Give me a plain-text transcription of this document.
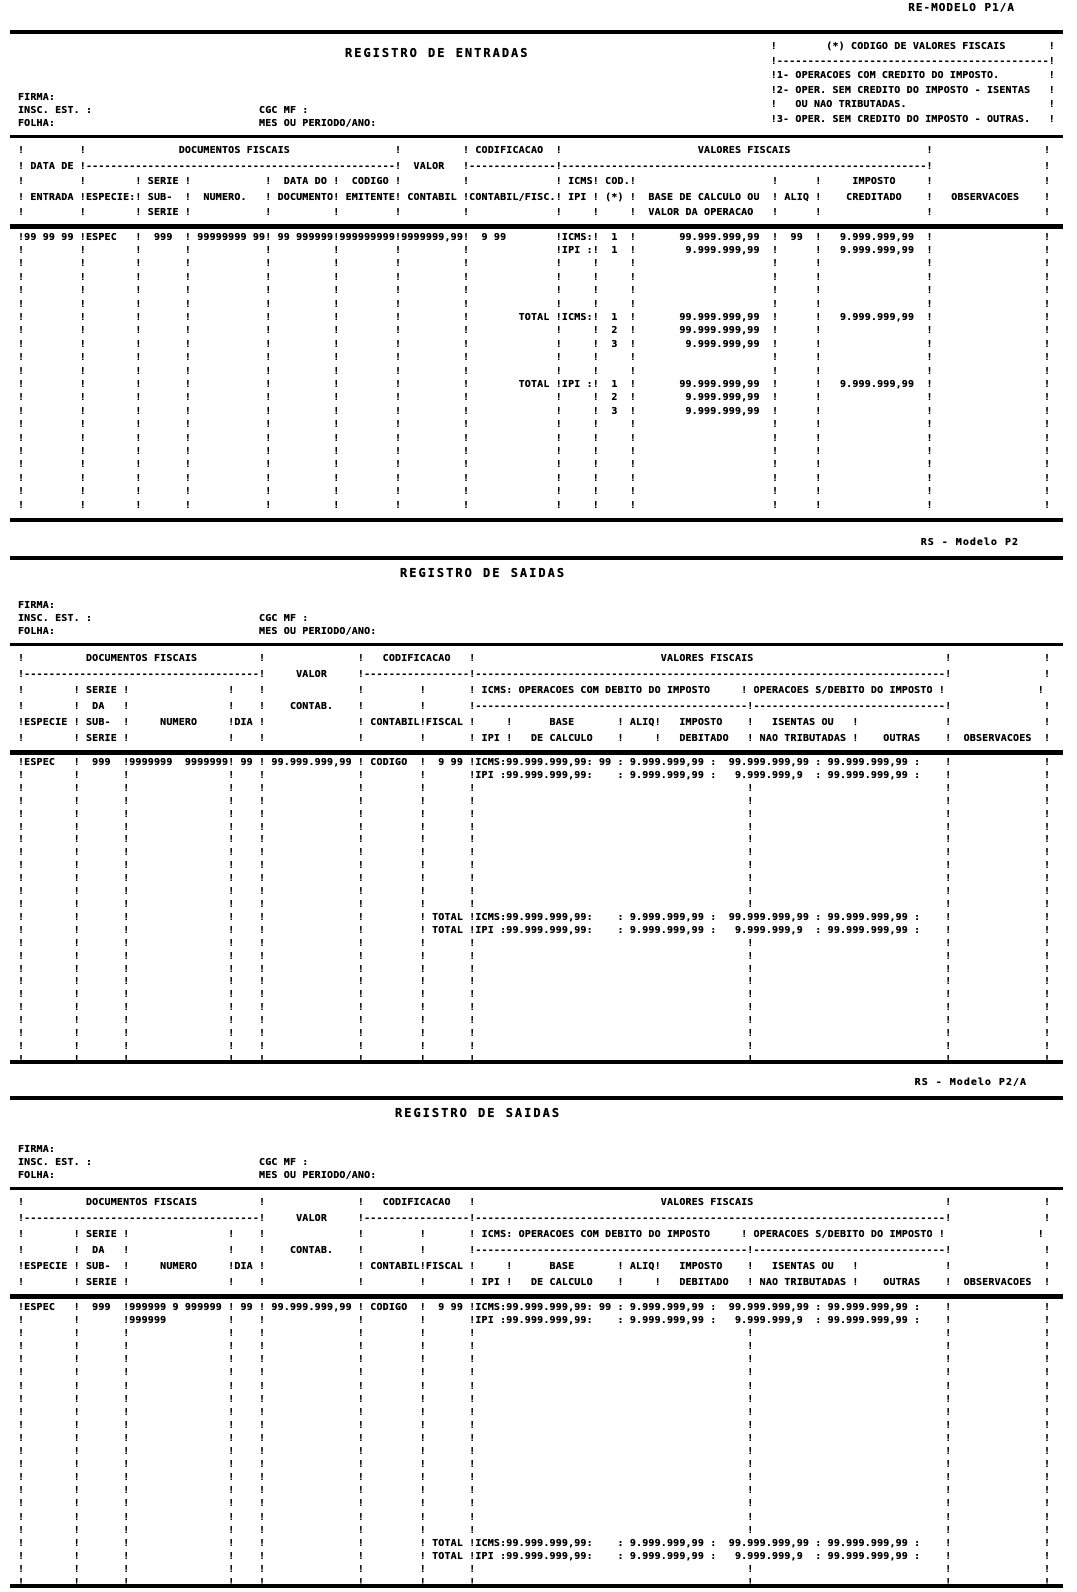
RE-MODELO P1/A
REGISTRO DE ENTRADAS
FIRMA:
INSC. EST. :                           CGC MF :
FOLHA:                                 MES OU PERIODO/ANO:
!        (*) CODIGO DE VALORES FISCAIS       !
!--------------------------------------------!
!1- OPERACOES COM CREDITO DO IMPOSTO.        !
!2- OPER. SEM CREDITO DO IMPOSTO - ISENTAS   !
!   OU NAO TRIBUTADAS.                       !
!3- OPER. SEM CREDITO DO IMPOSTO - OUTRAS.   !
!         !               DOCUMENTOS FISCAIS                 !          ! CODIFICACAO  !                      VALORES FISCAIS                      !                  !
! DATA DE !--------------------------------------------------!  VALOR   !--------------!-----------------------------------------------------------!                  !
!         !        ! SERIE !            !  DATA DO !  CODIGO !          !              ! ICMS! COD.!                      !      !     IMPOSTO     !                  !
! ENTRADA !ESPECIE:! SUB-  !  NUMERO.   ! DOCUMENTO! EMITENTE! CONTABIL !CONTABIL/FISC.! IPI ! (*) !  BASE DE CALCULO OU  ! ALIQ !    CREDITADO    !   OBSERVACOES    !
!         !        ! SERIE !            !          !         !          !              !     !     !  VALOR DA OPERACAO   !      !                 !                  !
!99 99 99 !ESPEC   !  999  ! 99999999 99! 99 999999!999999999!9999999,99!  9 99        !ICMS:!  1  !       99.999.999,99  !  99  !   9.999.999,99  !                  !
!         !        !       !            !          !         !          !              !IPI :!  1  !        9.999.999,99  !      !   9.999.999,99  !                  !
!         !        !       !            !          !         !          !              !     !     !                      !      !                 !                  !
!         !        !       !            !          !         !          !              !     !     !                      !      !                 !                  !
!         !        !       !            !          !         !          !              !     !     !                      !      !                 !                  !
!         !        !       !            !          !         !          !              !     !     !                      !      !                 !                  !
!         !        !       !            !          !         !          !        TOTAL !ICMS:!  1  !       99.999.999,99  !      !   9.999.999,99  !                  !
!         !        !       !            !          !         !          !              !     !  2  !       99.999.999,99  !      !                 !                  !
!         !        !       !            !          !         !          !              !     !  3  !        9.999.999,99  !      !                 !                  !
!         !        !       !            !          !         !          !              !     !     !                      !      !                 !                  !
!         !        !       !            !          !         !          !              !     !     !                      !      !                 !                  !
!         !        !       !            !          !         !          !        TOTAL !IPI :!  1  !       99.999.999,99  !      !   9.999.999,99  !                  !
!         !        !       !            !          !         !          !              !     !  2  !        9.999.999,99  !      !                 !                  !
!         !        !       !            !          !         !          !              !     !  3  !        9.999.999,99  !      !                 !                  !
!         !        !       !            !          !         !          !              !     !     !                      !      !                 !                  !
!         !        !       !            !          !         !          !              !     !     !                      !      !                 !                  !
!         !        !       !            !          !         !          !              !     !     !                      !      !                 !                  !
!         !        !       !            !          !         !          !              !     !     !                      !      !                 !                  !
!         !        !       !            !          !         !          !              !     !     !                      !      !                 !                  !
!         !        !       !            !          !         !          !              !     !     !                      !      !                 !                  !
!         !        !       !            !          !         !          !              !     !     !                      !      !                 !                  !
RS - Modelo P2
REGISTRO DE SAIDAS
FIRMA:
INSC. EST. :                           CGC MF :
FOLHA:                                 MES OU PERIODO/ANO:
!          DOCUMENTOS FISCAIS          !               !   CODIFICACAO   !                              VALORES FISCAIS                               !               !
!--------------------------------------!     VALOR     !-----------------!----------------------------------------------------------------------------!               !
!        ! SERIE !                !    !               !         !       ! ICMS: OPERACOES COM DEBITO DO IMPOSTO     ! OPERACOES S/DEBITO DO IMPOSTO !               !
!        !  DA   !                !    !    CONTAB.    !         !       !--------------------------------------------!-------------------------------!               !
!ESPECIE ! SUB-  !     NUMERO     !DIA !               ! CONTABIL!FISCAL !     !      BASE       ! ALIQ!   IMPOSTO    !   ISENTAS OU   !              !               !
!        ! SERIE !                !    !               !         !       ! IPI !   DE CALCULO    !     !   DEBITADO   ! NAO TRIBUTADAS !    OUTRAS    !  OBSERVACOES  !
!ESPEC   !  999  !9999999  9999999! 99 ! 99.999.999,99 ! CODIGO  !  9 99 !ICMS:99.999.999,99: 99 : 9.999.999,99 :  99.999.999,99 : 99.999.999,99 :    !               !
!        !       !                !    !               !         !       !IPI :99.999.999,99:    : 9.999.999,99 :   9.999.999,9  : 99.999.999,99 :    !               !
!        !       !                !    !               !         !       !                                            !                               !               !
!        !       !                !    !               !         !       !                                            !                               !               !
!        !       !                !    !               !         !       !                                            !                               !               !
!        !       !                !    !               !         !       !                                            !                               !               !
!        !       !                !    !               !         !       !                                            !                               !               !
!        !       !                !    !               !         !       !                                            !                               !               !
!        !       !                !    !               !         !       !                                            !                               !               !
!        !       !                !    !               !         !       !                                            !                               !               !
!        !       !                !    !               !         !       !                                            !                               !               !
!        !       !                !    !               !         !       !                                            !                               !               !
!        !       !                !    !               !         ! TOTAL !ICMS:99.999.999,99:    : 9.999.999,99 :  99.999.999,99 : 99.999.999,99 :    !               !
!        !       !                !    !               !         ! TOTAL !IPI :99.999.999,99:    : 9.999.999,99 :   9.999.999,9  : 99.999.999,99 :    !               !
!        !       !                !    !               !         !       !                                            !                               !               !
!        !       !                !    !               !         !       !                                            !                               !               !
!        !       !                !    !               !         !       !                                            !                               !               !
!        !       !                !    !               !         !       !                                            !                               !               !
!        !       !                !    !               !         !       !                                            !                               !               !
!        !       !                !    !               !         !       !                                            !                               !               !
!        !       !                !    !               !         !       !                                            !                               !               !
!        !       !                !    !               !         !       !                                            !                               !               !
!        !       !                !    !               !         !       !                                            !                               !               !
!        !       !                !    !               !         !       !                                            !                               !               !
RS - Modelo P2/A
REGISTRO DE SAIDAS
FIRMA:
INSC. EST. :                           CGC MF :
FOLHA:                                 MES OU PERIODO/ANO:
!          DOCUMENTOS FISCAIS          !               !   CODIFICACAO   !                              VALORES FISCAIS                               !               !
!--------------------------------------!     VALOR     !-----------------!----------------------------------------------------------------------------!               !
!        ! SERIE !                !    !               !         !       ! ICMS: OPERACOES COM DEBITO DO IMPOSTO     ! OPERACOES S/DEBITO DO IMPOSTO !               !
!        !  DA   !                !    !    CONTAB.    !         !       !--------------------------------------------!-------------------------------!               !
!ESPECIE ! SUB-  !     NUMERO     !DIA !               ! CONTABIL!FISCAL !     !      BASE       ! ALIQ!   IMPOSTO    !   ISENTAS OU   !              !               !
!        ! SERIE !                !    !               !         !       ! IPI !   DE CALCULO    !     !   DEBITADO   ! NAO TRIBUTADAS !    OUTRAS    !  OBSERVACOES  !
!ESPEC   !  999  !999999 9 999999 ! 99 ! 99.999.999,99 ! CODIGO  !  9 99 !ICMS:99.999.999,99: 99 : 9.999.999,99 :  99.999.999,99 : 99.999.999,99 :    !               !
!        !       !999999          !    !               !         !       !IPI :99.999.999,99:    : 9.999.999,99 :   9.999.999,9  : 99.999.999,99 :    !               !
!        !       !                !    !               !         !       !                                            !                               !               !
!        !       !                !    !               !         !       !                                            !                               !               !
!        !       !                !    !               !         !       !                                            !                               !               !
!        !       !                !    !               !         !       !                                            !                               !               !
!        !       !                !    !               !         !       !                                            !                               !               !
!        !       !                !    !               !         !       !                                            !                               !               !
!        !       !                !    !               !         !       !                                            !                               !               !
!        !       !                !    !               !         !       !                                            !                               !               !
!        !       !                !    !               !         !       !                                            !                               !               !
!        !       !                !    !               !         !       !                                            !                               !               !
!        !       !                !    !               !         !       !                                            !                               !               !
!        !       !                !    !               !         !       !                                            !                               !               !
!        !       !                !    !               !         !       !                                            !                               !               !
!        !       !                !    !               !         !       !                                            !                               !               !
!        !       !                !    !               !         !       !                                            !                               !               !
!        !       !                !    !               !         !       !                                            !                               !               !
!        !       !                !    !               !         ! TOTAL !ICMS:99.999.999,99:    : 9.999.999,99 :  99.999.999,99 : 99.999.999,99 :    !               !
!        !       !                !    !               !         ! TOTAL !IPI :99.999.999,99:    : 9.999.999,99 :   9.999.999,9  : 99.999.999,99 :    !               !
!        !       !                !    !               !         !       !                                            !                               !               !
!        !       !                !    !               !         !       !                                            !                               !               !
